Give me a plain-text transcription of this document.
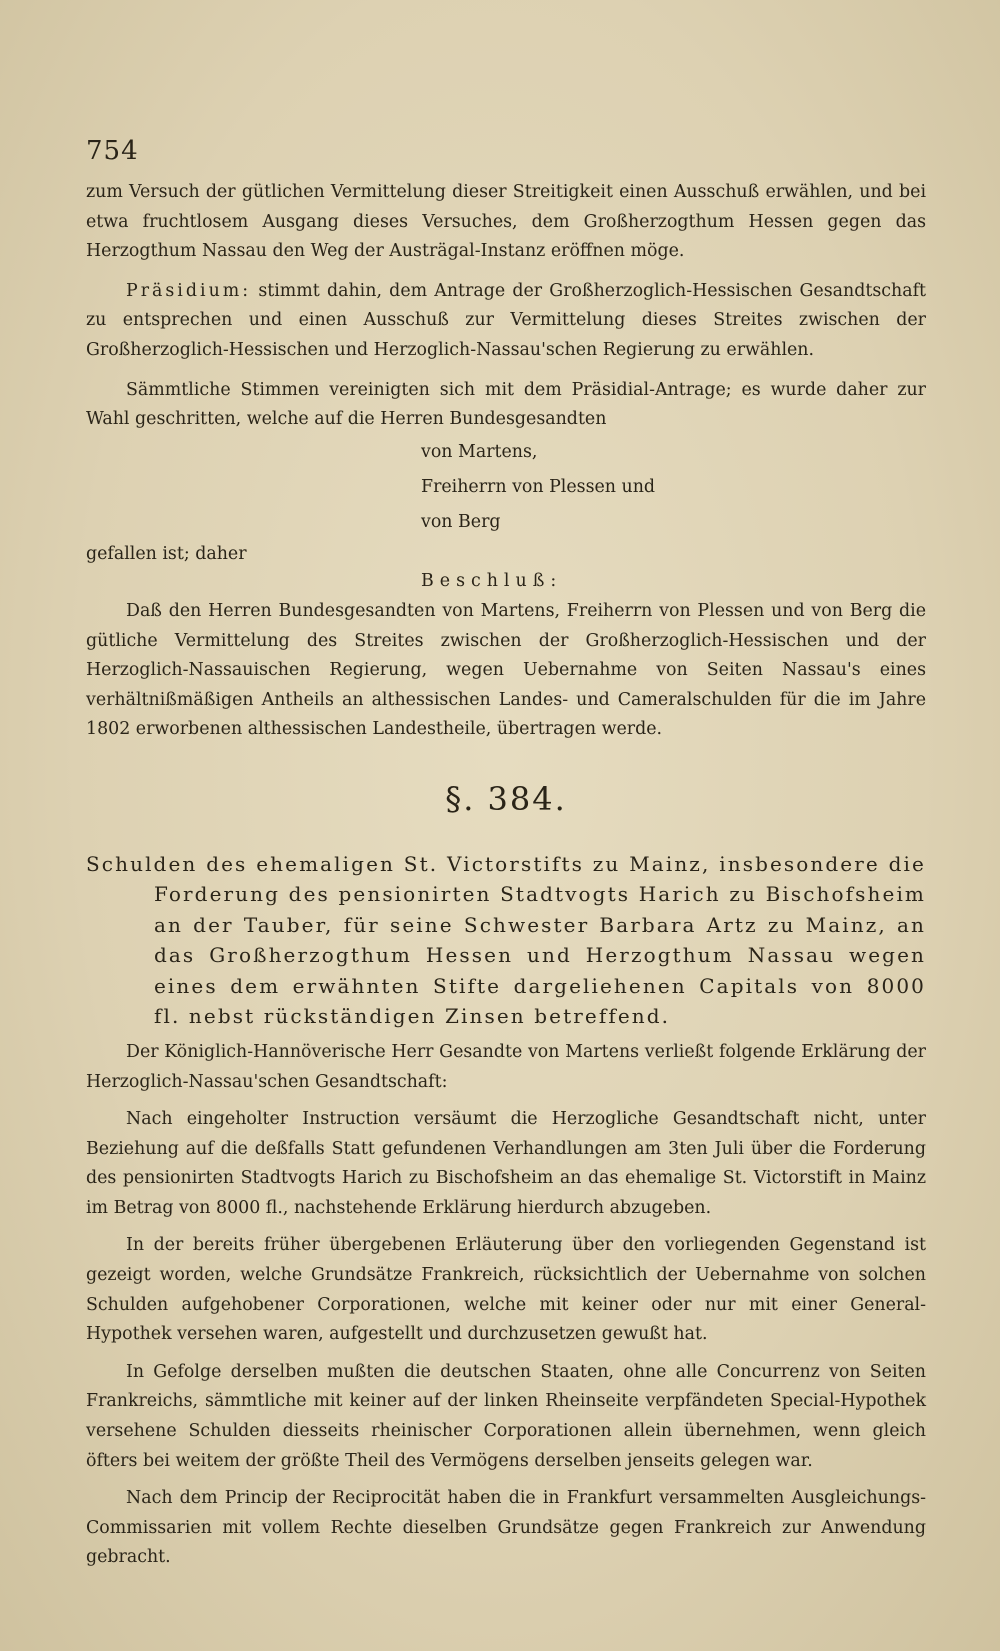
754

zum Versuch der gütlichen Vermittelung dieser Streitigkeit einen Ausschuß erwählen, und bei etwa fruchtlosem Ausgang dieses Versuches, dem Großherzogthum Hessen gegen das Herzogthum Nassau den Weg der Austrägal-Instanz eröffnen möge.

Präsidium: stimmt dahin, dem Antrage der Großherzoglich-Hessischen Gesandtschaft zu entsprechen und einen Ausschuß zur Vermittelung dieses Streites zwischen der Großherzoglich-Hessischen und Herzoglich-Nassau'schen Regierung zu erwählen.

Sämmtliche Stimmen vereinigten sich mit dem Präsidial-Antrage; es wurde daher zur Wahl geschritten, welche auf die Herren Bundesgesandten

von Martens,

Freiherrn von Plessen und

von Berg

gefallen ist; daher

Beschluß:

Daß den Herren Bundesgesandten von Martens, Freiherrn von Plessen und von Berg die gütliche Vermittelung des Streites zwischen der Großherzoglich-Hessischen und der Herzoglich-Nassauischen Regierung, wegen Uebernahme von Seiten Nassau's eines verhältnißmäßigen Antheils an althessischen Landes- und Cameralschulden für die im Jahre 1802 erworbenen althessischen Landestheile, übertragen werde.

§. 384.

Schulden des ehemaligen St. Victorstifts zu Mainz, insbesondere die Forderung des pensionirten Stadtvogts Harich zu Bischofsheim an der Tauber, für seine Schwester Barbara Artz zu Mainz, an das Großherzogthum Hessen und Herzogthum Nassau wegen eines dem erwähnten Stifte dargeliehenen Capitals von 8000 fl. nebst rückständigen Zinsen betreffend.

Der Königlich-Hannöverische Herr Gesandte von Martens verließt folgende Erklärung der Herzoglich-Nassau'schen Gesandtschaft:

Nach eingeholter Instruction versäumt die Herzogliche Gesandtschaft nicht, unter Beziehung auf die deßfalls Statt gefundenen Verhandlungen am 3ten Juli über die Forderung des pensionirten Stadtvogts Harich zu Bischofsheim an das ehemalige St. Victorstift in Mainz im Betrag von 8000 fl., nachstehende Erklärung hierdurch abzugeben.

In der bereits früher übergebenen Erläuterung über den vorliegenden Gegenstand ist gezeigt worden, welche Grundsätze Frankreich, rücksichtlich der Uebernahme von solchen Schulden aufgehobener Corporationen, welche mit keiner oder nur mit einer General-Hypothek versehen waren, aufgestellt und durchzusetzen gewußt hat.

In Gefolge derselben mußten die deutschen Staaten, ohne alle Concurrenz von Seiten Frankreichs, sämmtliche mit keiner auf der linken Rheinseite verpfändeten Special-Hypothek versehene Schulden diesseits rheinischer Corporationen allein übernehmen, wenn gleich öfters bei weitem der größte Theil des Vermögens derselben jenseits gelegen war.

Nach dem Princip der Reciprocität haben die in Frankfurt versammelten Ausgleichungs-Commissarien mit vollem Rechte dieselben Grundsätze gegen Frankreich zur Anwendung gebracht.
